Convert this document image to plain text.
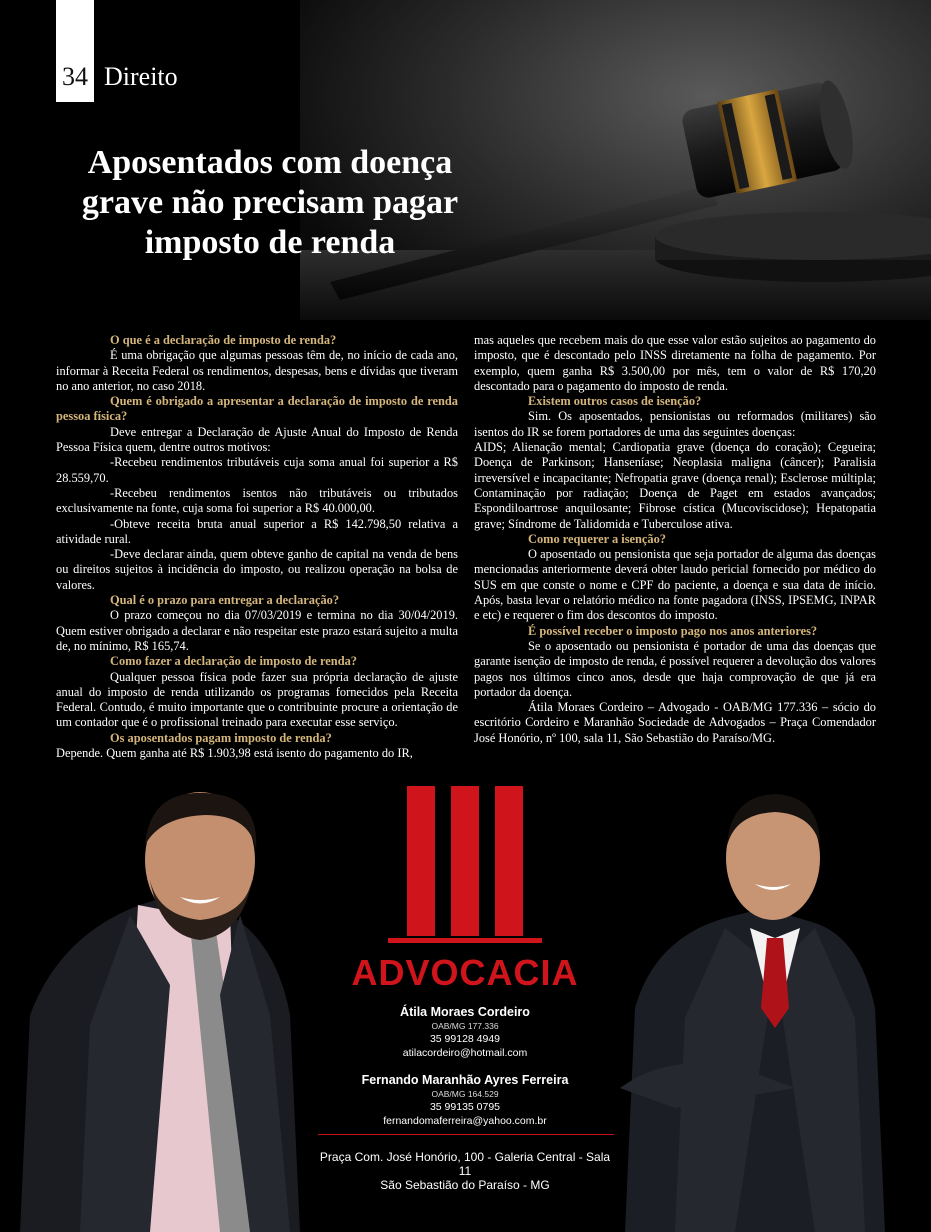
34 Direito
Aposentados com doença
grave não precisam pagar
imposto de renda

O que é a declaração de imposto de renda?

É uma obrigação que algumas pessoas têm de, no início de cada ano, informar à Receita Federal os rendimentos, despesas, bens e dívidas que tiveram no ano anterior, no caso 2018.

Quem é obrigado a apresentar a declaração de imposto de renda pessoa física?

Deve entregar a Declaração de Ajuste Anual do Imposto de Renda Pessoa Física quem, dentre outros motivos:

-Recebeu rendimentos tributáveis cuja soma anual foi superior a R$ 28.559,70.

-Recebeu rendimentos isentos não tributáveis ou tributados exclusivamente na fonte, cuja soma foi superior a R$ 40.000,00.

-Obteve receita bruta anual superior a R$ 142.798,50 relativa a atividade rural.

-Deve declarar ainda, quem obteve ganho de capital na venda de bens ou direitos sujeitos à incidência do imposto, ou realizou operação na bolsa de valores.

Qual é o prazo para entregar a declaração?

O prazo começou no dia 07/03/2019 e termina no dia 30/04/2019. Quem estiver obrigado a declarar e não respeitar este prazo estará sujeito a multa de, no mínimo, R$ 165,74.

Como fazer a declaração de imposto de renda?

Qualquer pessoa física pode fazer sua própria declaração de ajuste anual do imposto de renda utilizando os programas fornecidos pela Receita Federal. Contudo, é muito importante que o contribuinte procure a orientação de um contador que é o profissional treinado para executar esse serviço.

Os aposentados pagam imposto de renda?

Depende. Quem ganha até R$ 1.903,98 está isento do pagamento do IR,

mas aqueles que recebem mais do que esse valor estão sujeitos ao pagamento do imposto, que é descontado pelo INSS diretamente na folha de pagamento. Por exemplo, quem ganha R$ 3.500,00 por mês, tem o valor de R$ 170,20 descontado para o pagamento do imposto de renda.

Existem outros casos de isenção?

Sim. Os aposentados, pensionistas ou reformados (militares) são isentos do IR se forem portadores de uma das seguintes doenças:

AIDS; Alienação mental; Cardiopatia grave (doença do coração); Cegueira; Doença de Parkinson; Hanseníase; Neoplasia maligna (câncer); Paralisia irreversível e incapacitante; Nefropatia grave (doença renal); Esclerose múltipla; Contaminação por radiação; Doença de Paget em estados avançados; Espondiloartrose anquilosante; Fibrose cística (Mucoviscidose); Hepatopatia grave; Síndrome de Talidomida e Tuberculose ativa.

Como requerer a isenção?

O aposentado ou pensionista que seja portador de alguma das doenças mencionadas anteriormente deverá obter laudo pericial fornecido por médico do SUS em que conste o nome e CPF do paciente, a doença e sua data de início. Após, basta levar o relatório médico na fonte pagadora (INSS, IPSEMG, INPAR e etc) e requerer o fim dos descontos do imposto.

É possível receber o imposto pago nos anos anteriores?

Se o aposentado ou pensionista é portador de uma das doenças que garante isenção de imposto de renda, é possível requerer a devolução dos valores pagos nos últimos cinco anos, desde que haja comprovação de que já era portador da doença.

Átila Moraes Cordeiro – Advogado - OAB/MG 177.336 – sócio do escritório Cordeiro e Maranhão Sociedade de Advogados – Praça Comendador José Honório, nº 100, sala 11, São Sebastião do Paraíso/MG.

ADVOCACIA
Átila Moraes Cordeiro
OAB/MG 177.336
35 99128 4949
atilacordeiro@hotmail.com
Fernando Maranhão Ayres Ferreira
OAB/MG 164.529
35 99135 0795
fernandomaferreira@yahoo.com.br
Praça Com. José Honório, 100 - Galeria Central - Sala 11
São Sebastião do Paraíso - MG
